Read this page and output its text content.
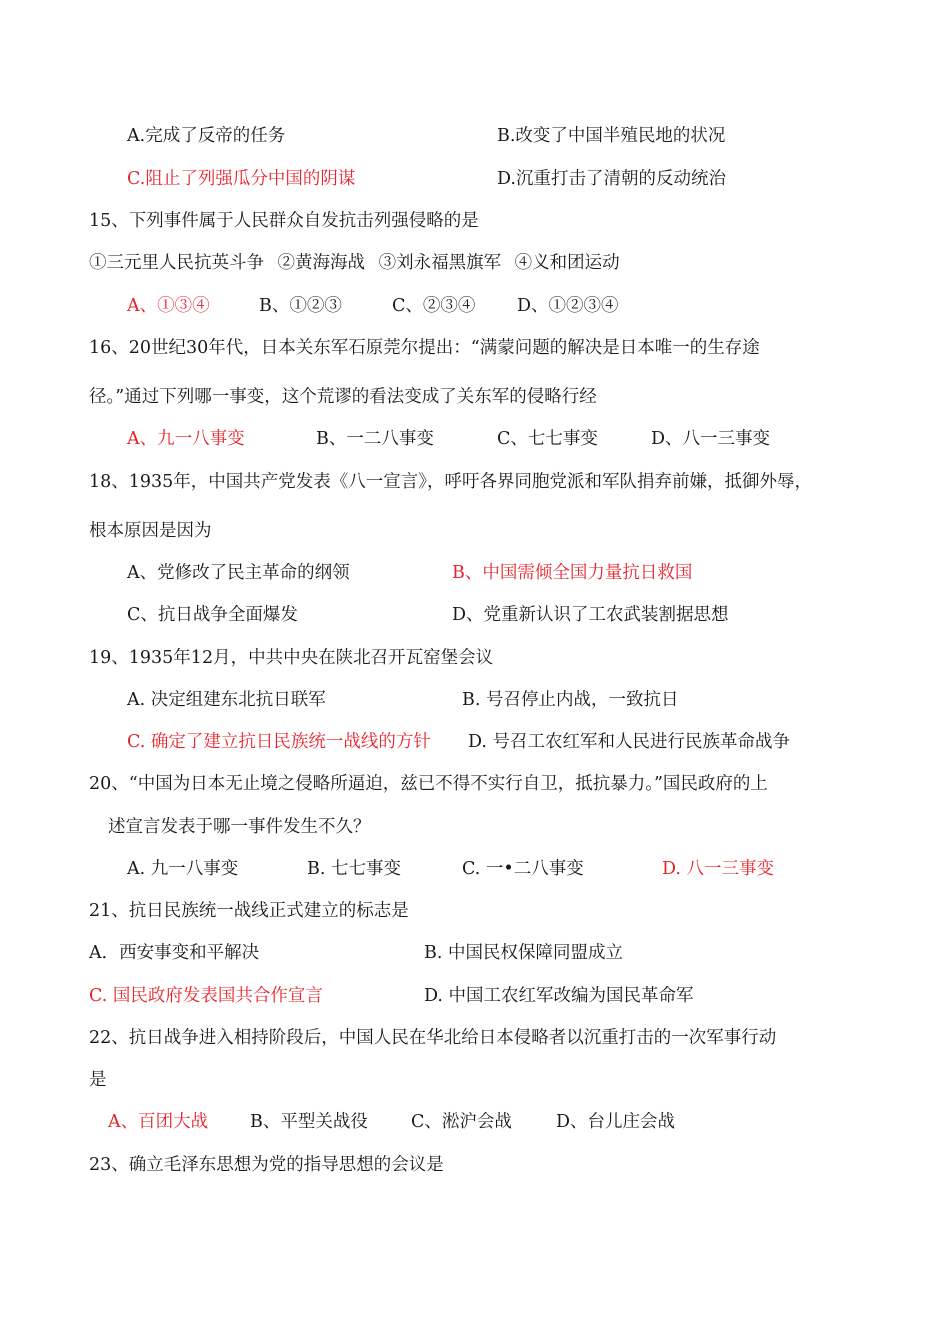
A.完成了反帝的任务	B.改变了中国半殖民地的状况
C.阻止了列强瓜分中国的阴谋	D.沉重打击了清朝的反动统治
15、下列事件属于人民群众自发抗击列强侵略的是
①三元里人民抗英斗争 ②黄海海战 ③刘永福黑旗军 ④义和团运动
A、①③④	B、①②③	C、②③④ D、①②③④
16、20世纪30年代，日本关东军石原莞尔提出：“满蒙问题的解决是日本唯一的生存途
径。”通过下列哪一事变，这个荒谬的看法变成了关东军的侵略行经
A、九一八事变	B、一二八事变	C、七七事变	D、八一三事变
18、1935年，中国共产党发表《八一宣言》，呼吁各界同胞党派和军队捐弃前嫌，抵御外辱，
根本原因是因为
A、党修改了民主革命的纲领	B、中国需倾全国力量抗日救国
C、抗日战争全面爆发	D、党重新认识了工农武装割据思想
19、1935年12月，中共中央在陕北召开瓦窑堡会议
A. 决定组建东北抗日联军	B. 号召停止内战，一致抗日
C. 确定了建立抗日民族统一战线的方针 D. 号召工农红军和人民进行民族革命战争
20、“中国为日本无止境之侵略所逼迫，兹已不得不实行自卫，抵抗暴力。”国民政府的上
述宣言发表于哪一事件发生不久？
A. 九一八事变	B. 七七事变	C. 一•二八事变	D. 八一三事变
21、抗日民族统一战线正式建立的标志是
A．西安事变和平解决	B. 中国民权保障同盟成立
C. 国民政府发表国共合作宣言	D. 中国工农红军改编为国民革命军
22、抗日战争进入相持阶段后，中国人民在华北给日本侵略者以沉重打击的一次军事行动
是
A、百团大战 B、平型关战役 C、淞沪会战	D、台儿庄会战
23、确立毛泽东思想为党的指导思想的会议是
